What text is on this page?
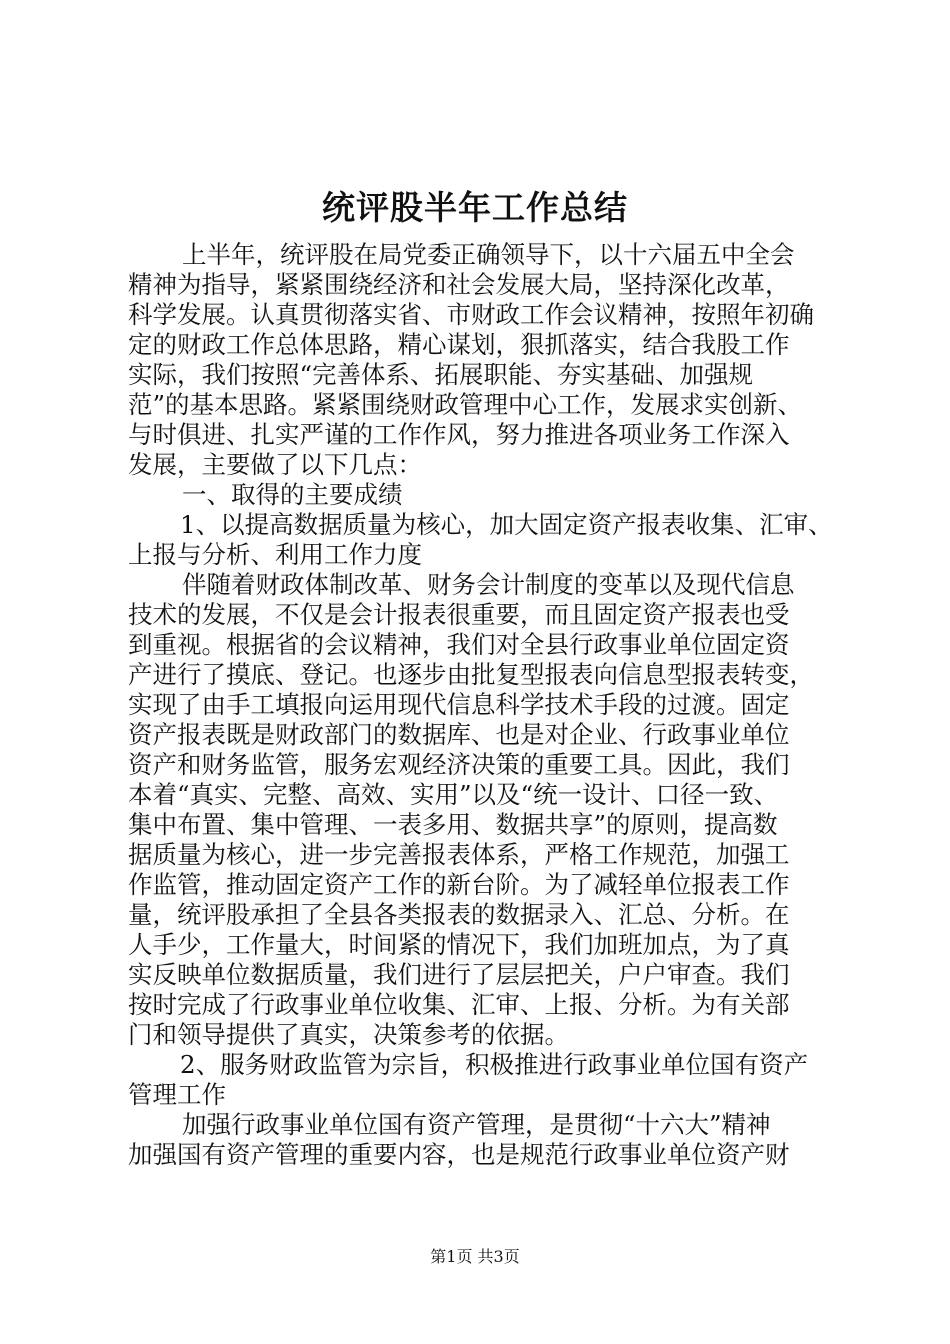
统评股半年工作总结
上半年，统评股在局党委正确领导下，以十六届五中全会
精神为指导，紧紧围绕经济和社会发展大局，坚持深化改革，
科学发展。认真贯彻落实省、市财政工作会议精神，按照年初确
定的财政工作总体思路，精心谋划，狠抓落实，结合我股工作
实际，我们按照“完善体系、拓展职能、夯实基础、加强规
范”的基本思路。紧紧围绕财政管理中心工作，发展求实创新、
与时俱进、扎实严谨的工作作风，努力推进各项业务工作深入
发展，主要做了以下几点：
一、取得的主要成绩
1、以提高数据质量为核心，加大固定资产报表收集、汇审、
上报与分析、利用工作力度
伴随着财政体制改革、财务会计制度的变革以及现代信息
技术的发展，不仅是会计报表很重要，而且固定资产报表也受
到重视。根据省的会议精神，我们对全县行政事业单位固定资
产进行了摸底、登记。也逐步由批复型报表向信息型报表转变，
实现了由手工填报向运用现代信息科学技术手段的过渡。固定
资产报表既是财政部门的数据库、也是对企业、行政事业单位
资产和财务监管，服务宏观经济决策的重要工具。因此，我们
本着“真实、完整、高效、实用”以及“统一设计、口径一致、
集中布置、集中管理、一表多用、数据共享”的原则，提高数
据质量为核心，进一步完善报表体系，严格工作规范，加强工
作监管，推动固定资产工作的新台阶。为了减轻单位报表工作
量，统评股承担了全县各类报表的数据录入、汇总、分析。在
人手少，工作量大，时间紧的情况下，我们加班加点，为了真
实反映单位数据质量，我们进行了层层把关，户户审查。我们
按时完成了行政事业单位收集、汇审、上报、分析。为有关部
门和领导提供了真实，决策参考的依据。
2、服务财政监管为宗旨，积极推进行政事业单位国有资产
管理工作
加强行政事业单位国有资产管理，是贯彻“十六大”精神
加强国有资产管理的重要内容，也是规范行政事业单位资产财
第1页 共3页
